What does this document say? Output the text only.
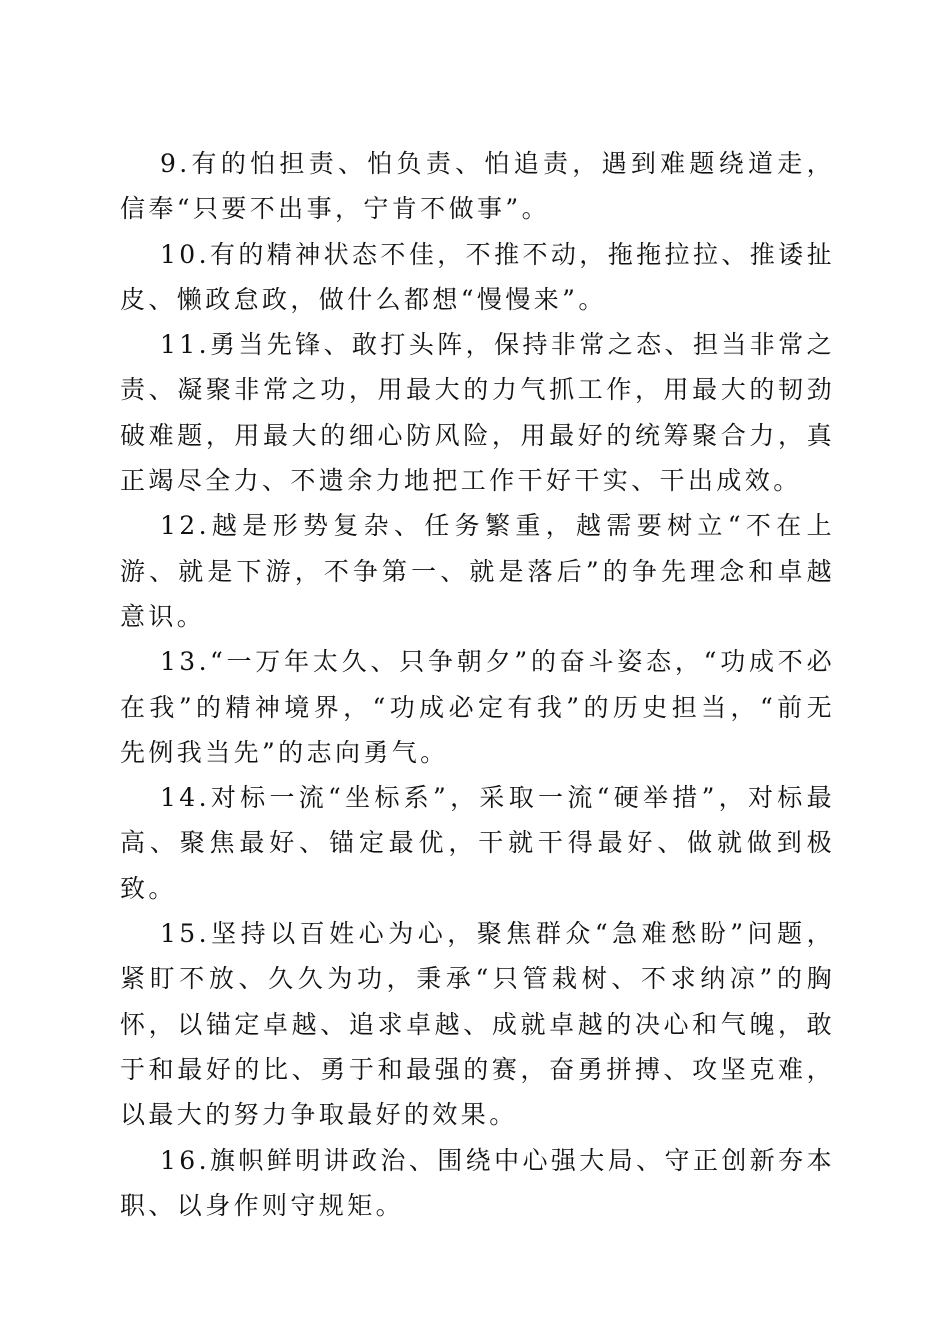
9.有的怕担责、怕负责、怕追责，遇到难题绕道走，信奉“只要不出事，宁肯不做事”。

10.有的精神状态不佳，不推不动，拖拖拉拉、推诿扯皮、懒政怠政，做什么都想“慢慢来”。

11.勇当先锋、敢打头阵，保持非常之态、担当非常之责、凝聚非常之功，用最大的力气抓工作，用最大的韧劲破难题，用最大的细心防风险，用最好的统筹聚合力，真正竭尽全力、不遗余力地把工作干好干实、干出成效。

12.越是形势复杂、任务繁重，越需要树立“不在上游、就是下游，不争第一、就是落后”的争先理念和卓越意识。

13.“一万年太久、只争朝夕”的奋斗姿态，“功成不必在我”的精神境界，“功成必定有我”的历史担当，“前无先例我当先”的志向勇气。

14.对标一流“坐标系”，采取一流“硬举措”，对标最高、聚焦最好、锚定最优，干就干得最好、做就做到极致。

15.坚持以百姓心为心，聚焦群众“急难愁盼”问题，紧盯不放、久久为功，秉承“只管栽树、不求纳凉”的胸怀，以锚定卓越、追求卓越、成就卓越的决心和气魄，敢于和最好的比、勇于和最强的赛，奋勇拼搏、攻坚克难，以最大的努力争取最好的效果。

16.旗帜鲜明讲政治、围绕中心强大局、守正创新夯本职、以身作则守规矩。
